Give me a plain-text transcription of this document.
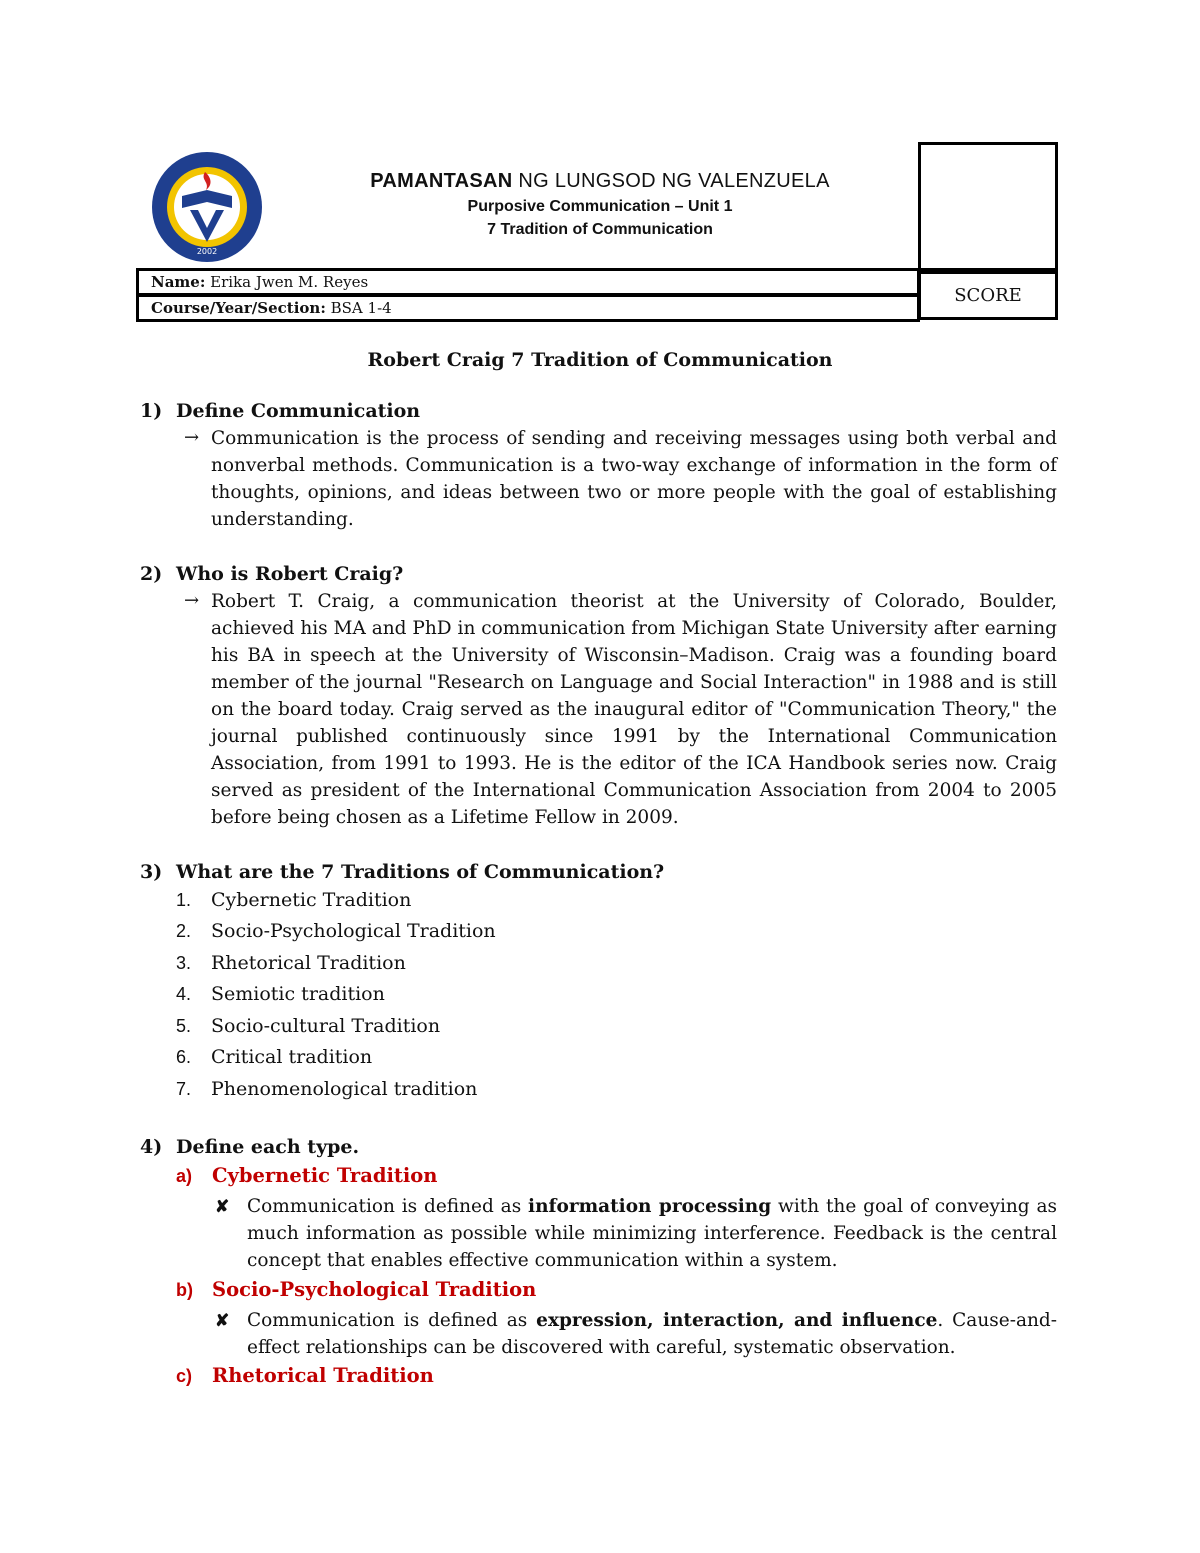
2002
PAMANTASAN NG LUNGSOD NG VALENZUELA
Purposive Communication – Unit 1
7 Tradition of Communication
SCORE
Name: Erika Jwen M. Reyes
Course/Year/Section: BSA 1-4
Robert Craig 7 Tradition of Communication
1) Define Communication
→ Communication is the process of sending and receiving messages using both verbal and nonverbal methods. Communication is a two-way exchange of information in the form of thoughts, opinions, and ideas between two or more people with the goal of establishing understanding.
2) Who is Robert Craig?
→ Robert T. Craig, a communication theorist at the University of Colorado, Boulder, achieved his MA and PhD in communication from Michigan State University after earning his BA in speech at the University of Wisconsin–Madison. Craig was a founding board member of the journal "Research on Language and Social Interaction" in 1988 and is still on the board today. Craig served as the inaugural editor of "Communication Theory," the journal published continuously since 1991 by the International Communication Association, from 1991 to 1993. He is the editor of the ICA Handbook series now. Craig served as president of the International Communication Association from 2004 to 2005 before being chosen as a Lifetime Fellow in 2009.
3) What are the 7 Traditions of Communication?
1. Cybernetic Tradition
2. Socio-Psychological Tradition
3. Rhetorical Tradition
4. Semiotic tradition
5. Socio-cultural Tradition
6. Critical tradition
7. Phenomenological tradition
4) Define each type.
a) Cybernetic Tradition
✘ Communication is defined as information processing with the goal of conveying as much information as possible while minimizing interference. Feedback is the central concept that enables effective communication within a system.
b) Socio-Psychological Tradition
✘ Communication is defined as expression, interaction, and influence. Cause-and-effect relationships can be discovered with careful, systematic observation.
c) Rhetorical Tradition
